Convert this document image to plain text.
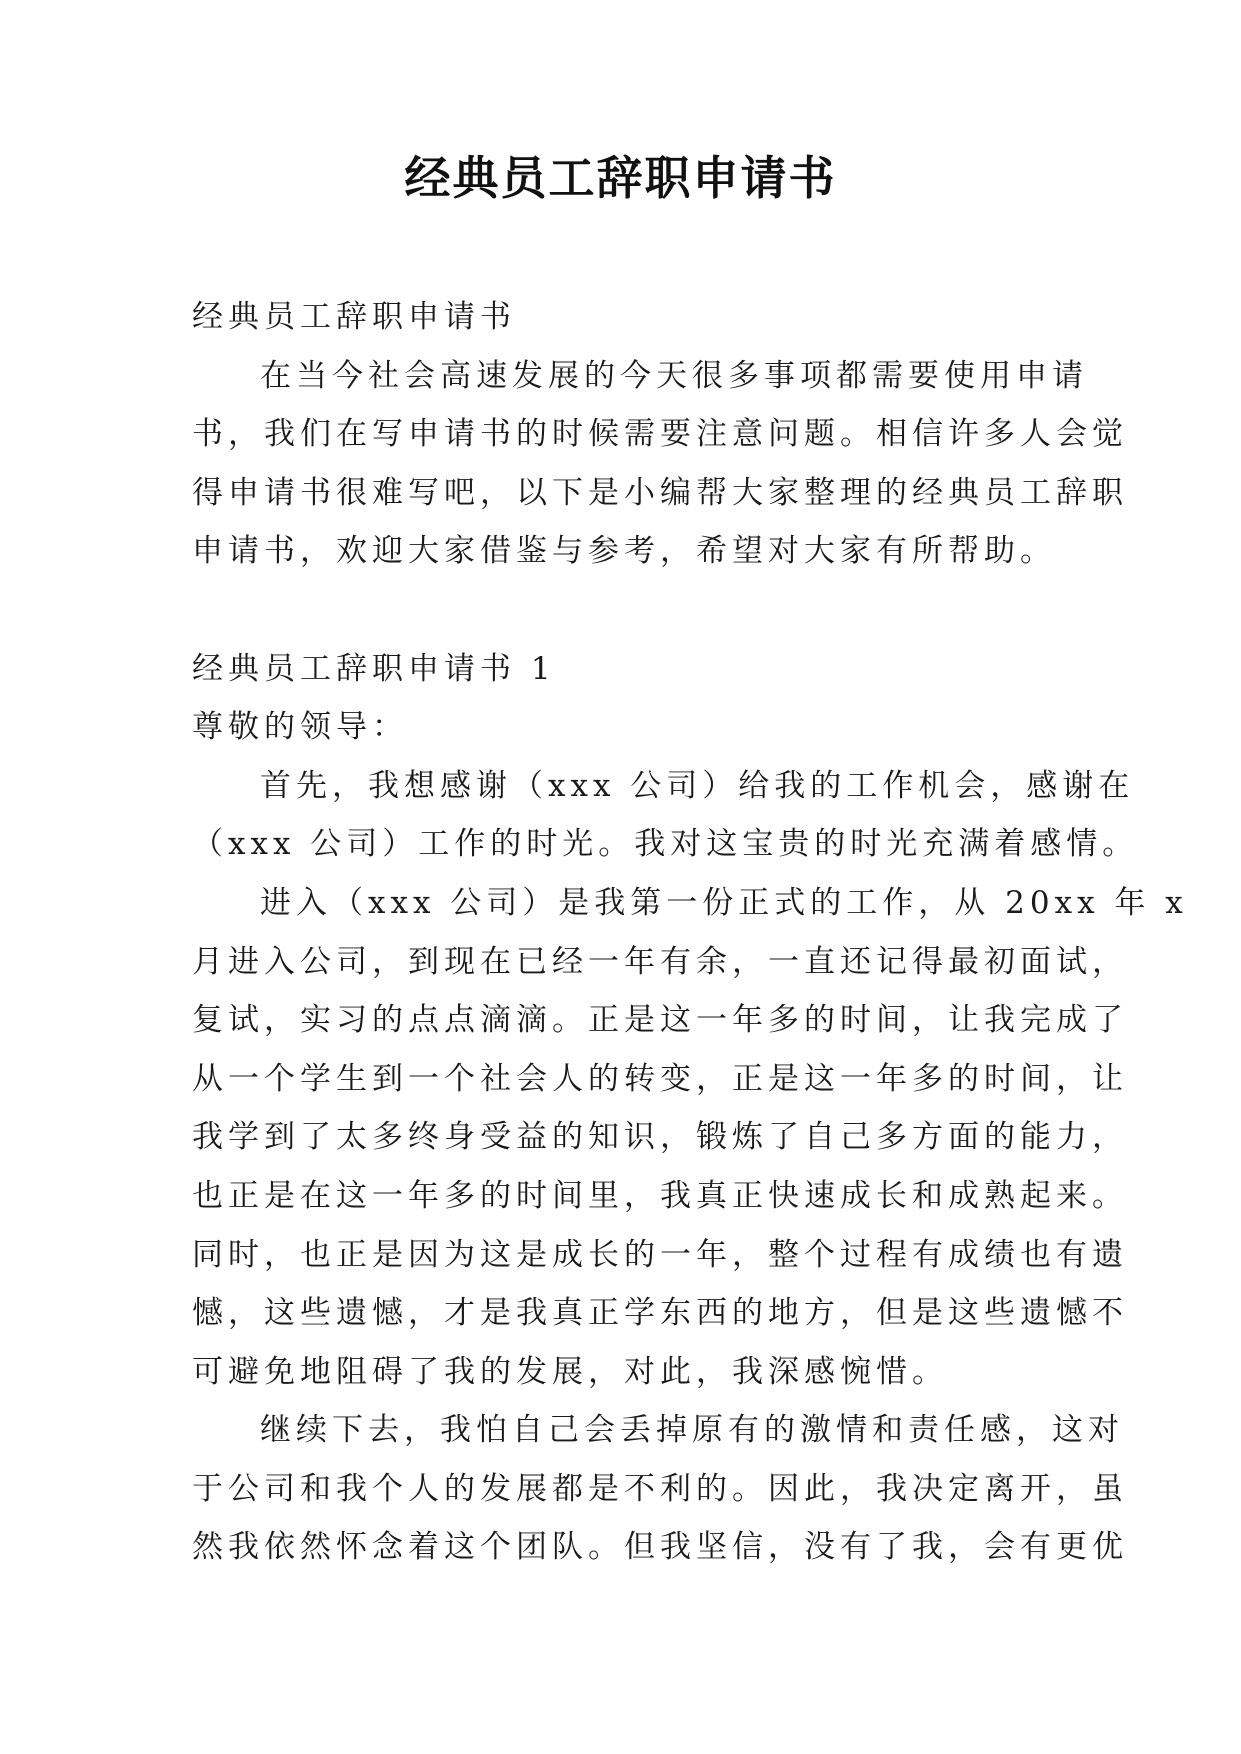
经典员工辞职申请书

经典员工辞职申请书

在当今社会高速发展的今天很多事项都需要使用申请

书，我们在写申请书的时候需要注意问题。相信许多人会觉

得申请书很难写吧，以下是小编帮大家整理的经典员工辞职

申请书，欢迎大家借鉴与参考，希望对大家有所帮助。

经典员工辞职申请书 1

尊敬的领导：

首先，我想感谢（xxx 公司）给我的工作机会，感谢在

（xxx 公司）工作的时光。我对这宝贵的时光充满着感情。

进入（xxx 公司）是我第一份正式的工作，从 20xx 年 x

月进入公司，到现在已经一年有余，一直还记得最初面试，

复试，实习的点点滴滴。正是这一年多的时间，让我完成了

从一个学生到一个社会人的转变，正是这一年多的时间，让

我学到了太多终身受益的知识，锻炼了自己多方面的能力，

也正是在这一年多的时间里，我真正快速成长和成熟起来。

同时，也正是因为这是成长的一年，整个过程有成绩也有遗

憾，这些遗憾，才是我真正学东西的地方，但是这些遗憾不

可避免地阻碍了我的发展，对此，我深感惋惜。

继续下去，我怕自己会丢掉原有的激情和责任感，这对

于公司和我个人的发展都是不利的。因此，我决定离开，虽

然我依然怀念着这个团队。但我坚信，没有了我，会有更优
